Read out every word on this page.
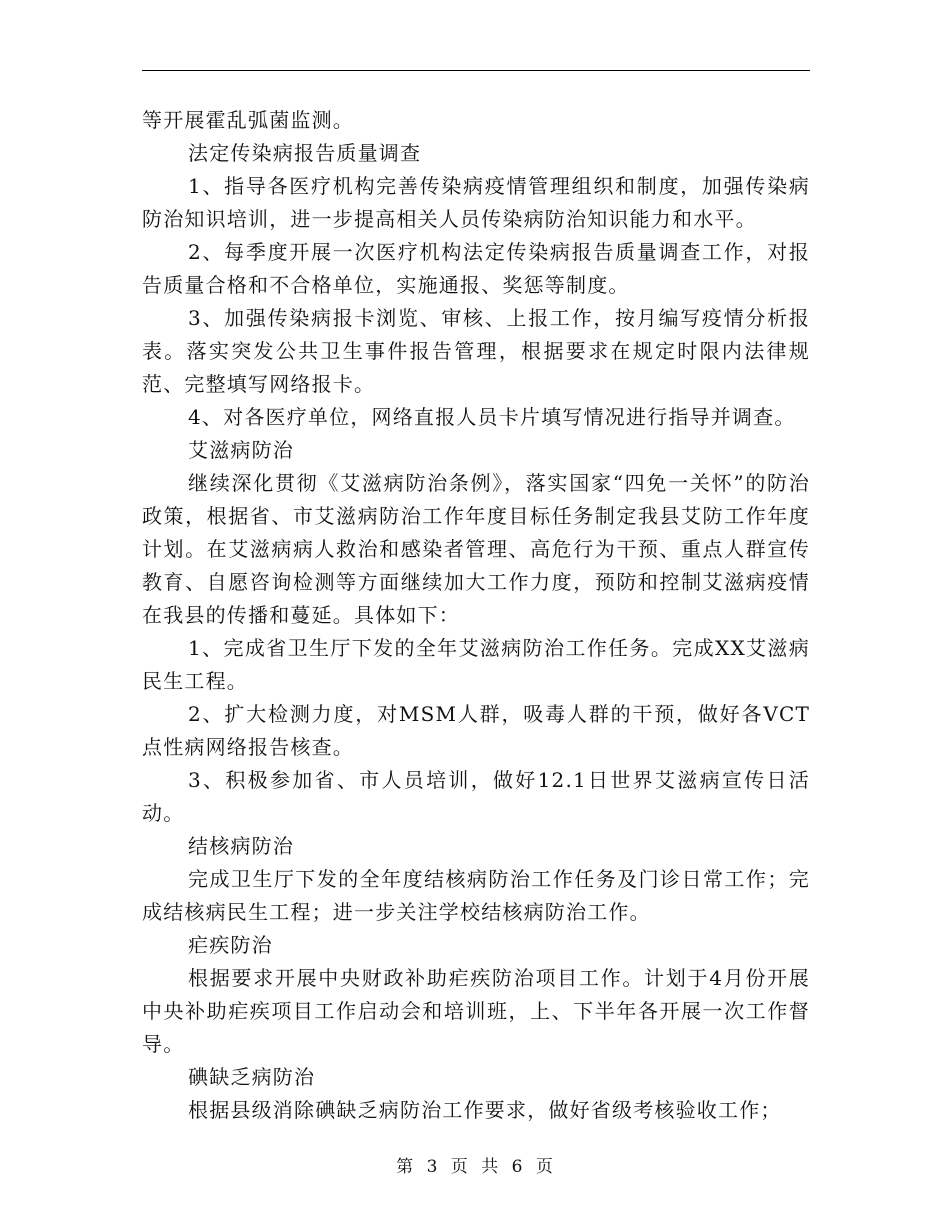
等开展霍乱弧菌监测。

法定传染病报告质量调查

1、指导各医疗机构完善传染病疫情管理组织和制度，加强传染病防治知识培训，进一步提高相关人员传染病防治知识能力和水平。

2、每季度开展一次医疗机构法定传染病报告质量调查工作，对报告质量合格和不合格单位，实施通报、奖惩等制度。

3、加强传染病报卡浏览、审核、上报工作，按月编写疫情分析报表。落实突发公共卫生事件报告管理，根据要求在规定时限内法律规范、完整填写网络报卡。

4、对各医疗单位，网络直报人员卡片填写情况进行指导并调查。

艾滋病防治

继续深化贯彻《艾滋病防治条例》，落实国家“四免一关怀”的防治政策，根据省、市艾滋病防治工作年度目标任务制定我县艾防工作年度计划。在艾滋病病人救治和感染者管理、高危行为干预、重点人群宣传教育、自愿咨询检测等方面继续加大工作力度，预防和控制艾滋病疫情在我县的传播和蔓延。具体如下：

1、完成省卫生厅下发的全年艾滋病防治工作任务。完成XX艾滋病民生工程。

2、扩大检测力度，对MSM人群，吸毒人群的干预，做好各VCT点性病网络报告核查。

3、积极参加省、市人员培训，做好12.1日世界艾滋病宣传日活动。

结核病防治

完成卫生厅下发的全年度结核病防治工作任务及门诊日常工作；完成结核病民生工程；进一步关注学校结核病防治工作。

疟疾防治

根据要求开展中央财政补助疟疾防治项目工作。计划于4月份开展中央补助疟疾项目工作启动会和培训班，上、下半年各开展一次工作督导。

碘缺乏病防治

根据县级消除碘缺乏病防治工作要求，做好省级考核验收工作；

第 3 页 共 6 页
